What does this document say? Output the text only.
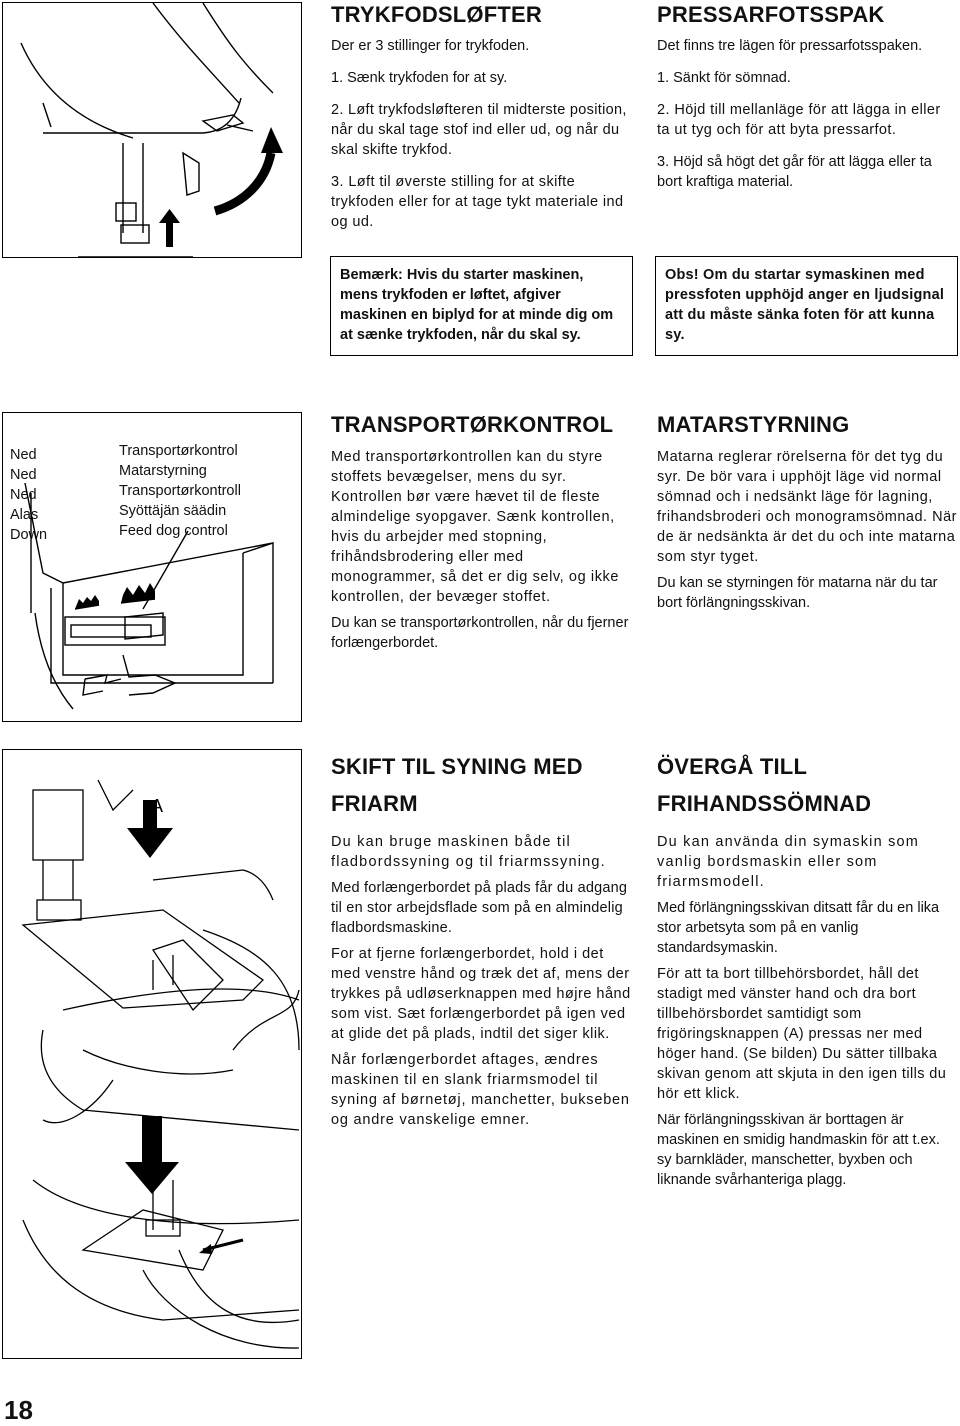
TRYKFODSLØFTER

Der er 3 stillinger for trykfoden.

1. Sænk trykfoden for at sy.

2. Løft trykfodsløfteren til midterste position, når du skal tage stof ind eller ud, og når du skal skifte trykfod.

3. Løft til øverste stilling for at skifte trykfoden eller for at tage tykt materiale ind og ud.

PRESSARFOTSSPAK

Det finns tre lägen för pressarfotsspaken.

1. Sänkt för sömnad.

2. Höjd till mellanläge för att lägga in eller ta ut tyg och för att byta pressarfot.

3. Höjd så högt det går för att lägga eller ta bort kraftiga material.

Bemærk: Hvis du starter maskinen, mens trykfoden er løftet, afgiver maskinen en biplyd for at minde dig om at sænke trykfoden, når du skal sy.
Obs! Om du startar symaskinen med pressfoten upphöjd anger en ljudsignal att du måste sänka foten för att kunna sy.
Ned
Ned
Ned
Alas
Down
Transportørkontrol
Matarstyrning
Transportørkontroll
Syöttäjän säädin
Feed dog control
TRANSPORTØRKONTROL

Med transportørkontrollen kan du styre stoffets bevægelser, mens du syr. Kontrollen bør være hævet til de fleste almindelige syopgaver. Sænk kontrollen, hvis du arbejder med stopning, frihåndsbrodering eller med monogrammer, så det er dig selv, og ikke kontrollen, der bevæger stoffet.

Du kan se transportørkontrollen, når du fjerner forlængerbordet.

MATARSTYRNING

Matarna reglerar rörelserna för det tyg du syr. De bör vara i upphöjt läge vid normal sömnad och i nedsänkt läge för lagning, frihandsbroderi och monogramsömnad. När de är nedsänkta är det du och inte matarna som styr tyget.

Du kan se styrningen för matarna när du tar bort förlängningsskivan.

A
SKIFT TIL SYNING MED
FRIARM

Du kan bruge maskinen både til fladbordssyning og til friarmssyning.

Med forlængerbordet på plads får du adgang til en stor arbejdsflade som på en almindelig fladbordsmaskine.

For at fjerne forlængerbordet, hold i det med venstre hånd og træk det af, mens der trykkes på udløserknappen med højre hånd som vist. Sæt forlængerbordet på igen ved at glide det på plads, indtil det siger klik.

Når forlængerbordet aftages, ændres maskinen til en slank friarmsmodel til syning af børnetøj, manchetter, bukseben og andre vanskelige emner.

ÖVERGÅ TILL
FRIHANDSSÖMNAD

Du kan använda din symaskin som vanlig bordsmaskin eller som friarmsmodell.

Med förlängningsskivan ditsatt får du en lika stor arbetsyta som på en vanlig standardsymaskin.

För att ta bort tillbehörsbordet, håll det stadigt med vänster hand och dra bort tillbehörsbordet samtidigt som frigöringsknappen (A) pressas ner med höger hand. (Se bilden) Du sätter tillbaka skivan genom att skjuta in den igen tills du hör ett klick.

När förlängningsskivan är borttagen är maskinen en smidig handmaskin för att t.ex. sy barnkläder, manschetter, byxben och liknande svårhanteriga plagg.

18
